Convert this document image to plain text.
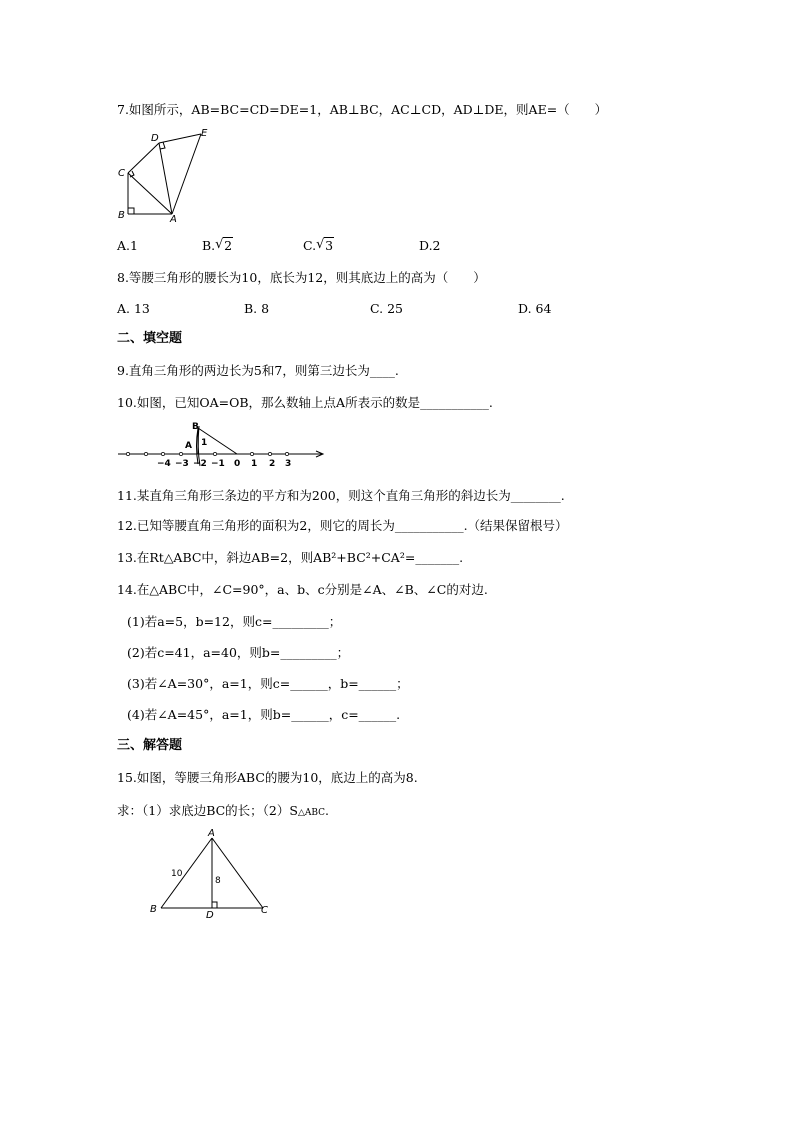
7.如图所示，AB=BC=CD=DE=1，AB⊥BC，AC⊥CD，AD⊥DE，则AE=（　　）
D	E
C
B	A
A.1	B. √ 2	C. √ 3	D.2
8.等腰三角形的腰长为10，底长为12，则其底边上的高为（　　）
A. 13	B. 8	C. 25	D. 64
二、填空题
9.直角三角形的两边长为5和7，则第三边长为____.
10.如图，已知OA=OB，那么数轴上点A所表示的数是___________.
B
A 1
−4 −3 −2 −1 0 1 2 3
11.某直角三角形三条边的平方和为200，则这个直角三角形的斜边长为________.
12.已知等腰直角三角形的面积为2，则它的周长为___________.（结果保留根号）
13.在Rt△ABC中，斜边AB=2，则AB²+BC²+CA²=_______.
14.在△ABC中，∠C=90°，a、b、c分别是∠A、∠B、∠C的对边.
(1)若a=5，b=12，则c=_________；
(2)若c=41，a=40，则b=_________；
(3)若∠A=30°，a=1，则c=______，b=______；
(4)若∠A=45°，a=1，则b=______，c=______.
三、解答题
15.如图，等腰三角形ABC的腰为10，底边上的高为8.
求：（1）求底边BC的长；（2）S△ABC.
A
B	C
D
10
8
